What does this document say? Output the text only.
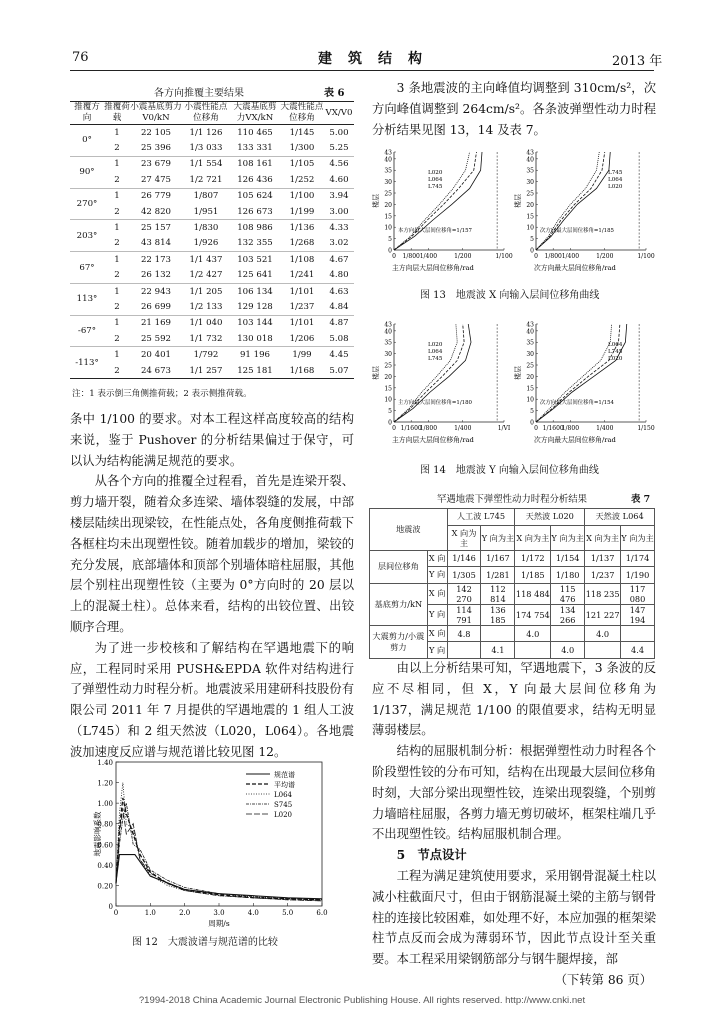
76	建　筑　结　构	2013 年
各方向推覆主要结果	表 6
推覆方向	推覆荷载	小震基底剪力V0/kN	小震性能点位移角	大震基底剪力VX/kN	大震性能点位移角	VX/V0
0°	1	22 105	1/1 126	110 465	1/145	5.00
	2	25 396	1/3 033	133 331	1/300	5.25
90°	1	23 679	1/1 554	108 161	1/105	4.56
	2	27 475	1/2 721	126 436	1/252	4.60
270°	1	26 779	1/807	105 624	1/100	3.94
	2	42 820	1/951	126 673	1/199	3.00
203°	1	25 157	1/830	108 986	1/136	4.33
	2	43 814	1/926	132 355	1/268	3.02
67°	1	22 173	1/1 437	103 521	1/108	4.67
	2	26 132	1/2 427	125 641	1/241	4.80
113°	1	22 943	1/1 205	106 134	1/101	4.63
	2	26 699	1/2 133	129 128	1/237	4.84
-67°	1	21 169	1/1 040	103 144	1/101	4.87
	2	25 592	1/1 732	130 018	1/206	5.08
-113°	1	20 401	1/792	91 196	1/99	4.45
	2	24 673	1/1 257	125 181	1/168	5.07
注：1 表示倒三角侧推荷载；2 表示侧推荷载。

条中 1/100 的要求。对本工程这样高度较高的结构来说，鉴于 Pushover 的分析结果偏过于保守，可以认为结构能满足规范的要求。

从各个方向的推覆全过程看，首先是连梁开裂、剪力墙开裂，随着众多连梁、墙体裂缝的发展，中部楼层陆续出现梁铰，在性能点处，各角度侧推荷载下各框柱均未出现塑性铰。随着加载步的增加，梁铰的充分发展，底部墙体和顶部个别墙体暗柱屈服，其他层个别柱出现塑性铰（主要为 0°方向时的 20 层以上的混凝土柱）。总体来看，结构的出铰位置、出铰顺序合理。

为了进一步校核和了解结构在罕遇地震下的响应，工程同时采用 PUSH&EPDA 软件对结构进行了弹塑性动力时程分析。地震波采用建研科技股份有限公司 2011 年 7 月提供的罕遇地震的 1 组人工波（L745）和 2 组天然波（L020，L064）。各地震波加速度反应谱与规范谱比较见图 12。

0
0.20
0.40
0.60
0.80
1.00
1.20
1.40
0	1.0	2.0	3.0	4.0	5.0	6.0
周期/s
地震影响系数
规范谱
平均谱
L064
S745
L020
图 12　大震波谱与规范谱的比较

3 条地震波的主向峰值均调整到 310cm/s²，次方向峰值调整到 264cm/s²。各条波弹塑性动力时程分析结果见图 13，14 及表 7。

0
5
10
15
20
25
30
35
40
43
0 1/800 1/400	1/200	1/100
主方向层大层间位移角/rad
楼层
L020
L064
L745
本方向最大层间位移角=1/157
0
5
10
15
20
25
30
35
40
43
0 1/800 1/400	1/200	1/100
次方向最大层间位移角/rad
楼层
L745
L064
L020
次方向最大层间位移角=1/185
图 13　地震波 X 向输入层间位移角曲线
0
5
10
15
20
25
30
35
40
43
0 1/1600
1/800	1/400	1/VI
主方向层大层间位移角/rad
楼层
L020
L064
L745
主方向最大层间位移角=1/180
0
5
10
15
20
25
30
35
40
43
0 1/1600
1/800	1/400	1/150
次方向最大层间位移角/rad
楼层
L064
L745
L020
次方向最大层间位移角=1/154
图 14　地震波 Y 向输入层间位移角曲线
罕遇地震下弹塑性动力时程分析结果	表 7
地震波		人工波 L745		天然波 L020		天然波 L064	
		X 向为主	Y 向为主	X 向为主	Y 向为主	X 向为主	Y 向为主
层间位移角	X 向	1/146	1/167	1/172	1/154	1/137	1/174
	Y 向	1/305	1/281	1/185	1/180	1/237	1/190
基底剪力/kN	X 向	142 270	112 814	118 484	115 476	118 235	117 080
	Y 向	114 791	136 185	174 754	134 266	121 227	147 194
大震剪力/小震剪力	X 向	4.8		4.0		4.0	
	Y 向		4.1		4.0		4.4

由以上分析结果可知，罕遇地震下，3 条波的反应不尽相同，但 X，Y 向最大层间位移角为 1/137，满足规范 1/100 的限值要求，结构无明显薄弱楼层。

结构的屈服机制分析：根据弹塑性动力时程各个阶段塑性铰的分布可知，结构在出现最大层间位移角时刻，大部分梁出现塑性铰，连梁出现裂缝，个别剪力墙暗柱屈服，各剪力墙无剪切破坏，框架柱端几乎不出现塑性铰。结构屈服机制合理。

5　节点设计

工程为满足建筑使用要求，采用钢骨混凝土柱以减小柱截面尺寸，但由于钢筋混凝土梁的主筋与钢骨柱的连接比较困难，如处理不好，本应加强的框架梁柱节点反而会成为薄弱环节，因此节点设计至关重要。本工程采用梁钢筋部分与钢牛腿焊接，部

（下转第 86 页）

?1994-2018 China Academic Journal Electronic Publishing House. All rights reserved. http://www.cnki.net
